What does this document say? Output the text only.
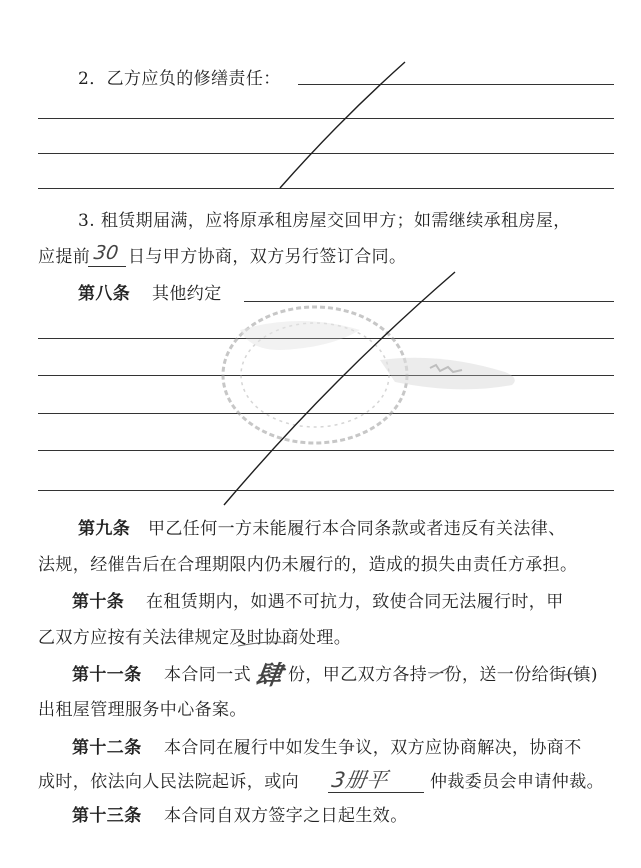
2．乙方应负的修缮责任：
3. 租赁期届满，应将原承租房屋交回甲方；如需继续承租房屋，
应提前 30 日与甲方协商，双方另行签订合同。
第八条 其他约定
第九条 甲乙任何一方未能履行本合同条款或者违反有关法律、
法规，经催告后在合理期限内仍未履行的，造成的损失由责任方承担。
第十条 在租赁期内，如遇不可抗力，致使合同无法履行时，甲
乙双方应按有关法律规定及时协商处理。
第十一条 本合同一式 肆 份，甲乙双方各持一份，送一份给街(镇)
出租屋管理服务中心备案。
第十二条 本合同在履行中如发生争议，双方应协商解决，协商不
成时，依法向人民法院起诉，或向 3册平 仲裁委员会申请仲裁。
第十三条 本合同自双方签字之日起生效。
